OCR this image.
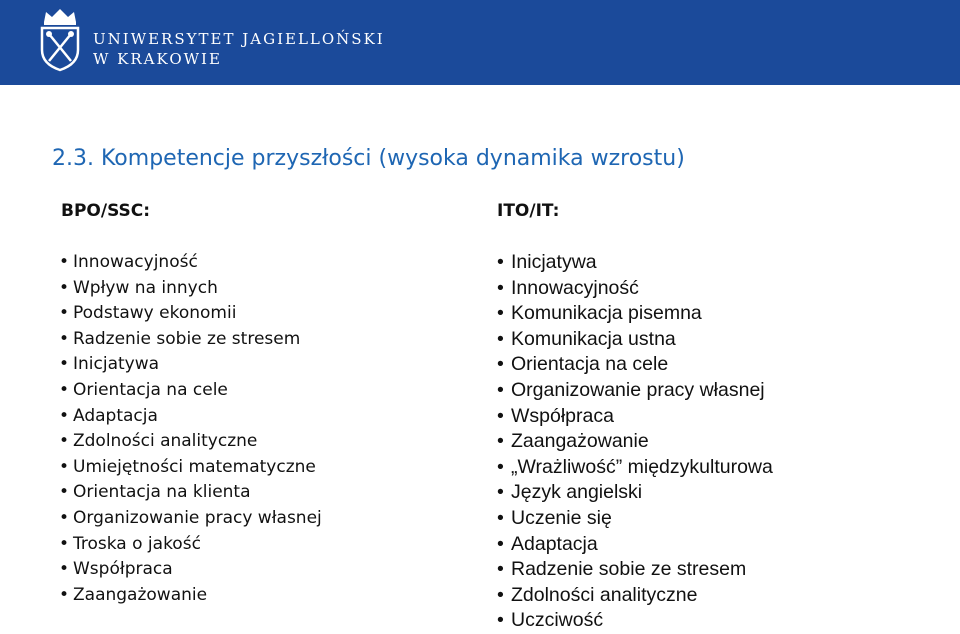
UNIWERSYTET JAGIELLOŃSKI
W KRAKOWIE
2.3. Kompetencje przyszłości (wysoka dynamika wzrostu)
BPO/SSC:
• Innowacyjność
• Wpływ na innych
• Podstawy ekonomii
• Radzenie sobie ze stresem
• Inicjatywa
• Orientacja na cele
• Adaptacja
• Zdolności analityczne
• Umiejętności matematyczne
• Orientacja na klienta
• Organizowanie pracy własnej
• Troska o jakość
• Współpraca
• Zaangażowanie
ITO/IT:
• Inicjatywa
• Innowacyjność
• Komunikacja pisemna
• Komunikacja ustna
• Orientacja na cele
• Organizowanie pracy własnej
• Współpraca
• Zaangażowanie
• „Wrażliwość” międzykulturowa
• Język angielski
• Uczenie się
• Adaptacja
• Radzenie sobie ze stresem
• Zdolności analityczne
• Uczciwość
